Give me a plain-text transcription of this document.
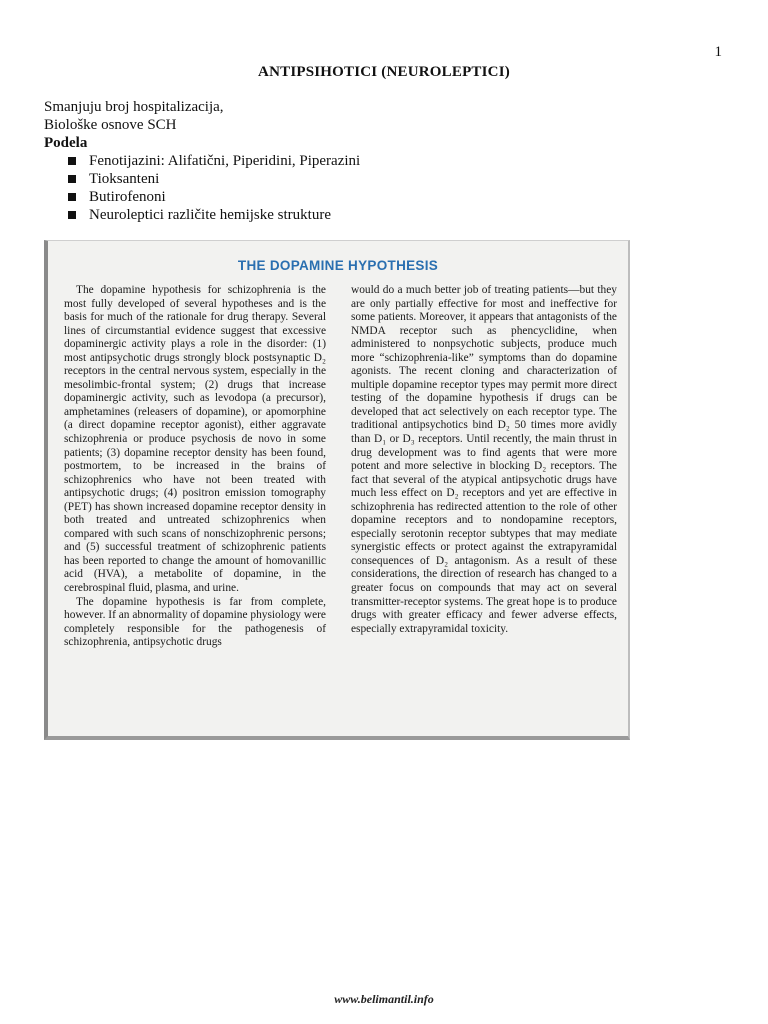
1
ANTIPSIHOTICI (NEUROLEPTICI)
Smanjuju broj hospitalizacija,
Biološke osnove SCH
Podela
Fenotijazini: Alifatični, Piperidini, Piperazini
Tioksanteni
Butirofenoni
Neuroleptici različite hemijske strukture
THE DOPAMINE HYPOTHESIS

The dopamine hypothesis for schizophrenia is the most fully developed of several hypotheses and is the basis for much of the rationale for drug therapy. Several lines of circumstantial evidence suggest that excessive dopaminergic activity plays a role in the disorder: (1) most antipsychotic drugs strongly block postsynaptic D₂ receptors in the central nervous system, especially in the mesolimbic-frontal system; (2) drugs that increase dopaminergic activity, such as levodopa (a precursor), amphetamines (releasers of dopamine), or apomorphine (a direct dopamine receptor agonist), either aggravate schizophrenia or produce psychosis de novo in some patients; (3) dopamine receptor density has been found, postmortem, to be increased in the brains of schizophrenics who have not been treated with antipsychotic drugs; (4) positron emission tomography (PET) has shown increased dopamine receptor density in both treated and untreated schizophrenics when compared with such scans of nonschizophrenic persons; and (5) successful treatment of schizophrenic patients has been reported to change the amount of homovanillic acid (HVA), a metabolite of dopamine, in the cerebrospinal fluid, plasma, and urine.

The dopamine hypothesis is far from complete, however. If an abnormality of dopamine physiology were completely responsible for the pathogenesis of schizophrenia, antipsychotic drugs

would do a much better job of treating patients—but they are only partially effective for most and ineffective for some patients. Moreover, it appears that antagonists of the NMDA receptor such as phencyclidine, when administered to nonpsychotic subjects, produce much more “schizophrenia-like” symptoms than do dopamine agonists. The recent cloning and characterization of multiple dopamine receptor types may permit more direct testing of the dopamine hypothesis if drugs can be developed that act selectively on each receptor type. The traditional antipsychotics bind D₂ 50 times more avidly than D₁ or D₃ receptors. Until recently, the main thrust in drug development was to find agents that were more potent and more selective in blocking D₂ receptors. The fact that several of the atypical antipsychotic drugs have much less effect on D₂ receptors and yet are effective in schizophrenia has redirected attention to the role of other dopamine receptors and to nondopamine receptors, especially serotonin receptor subtypes that may mediate synergistic effects or protect against the extrapyramidal consequences of D₂ antagonism. As a result of these considerations, the direction of research has changed to a greater focus on compounds that may act on several transmitter-receptor systems. The great hope is to produce drugs with greater efficacy and fewer adverse effects, especially extrapyramidal toxicity.

www.belimantil.info
